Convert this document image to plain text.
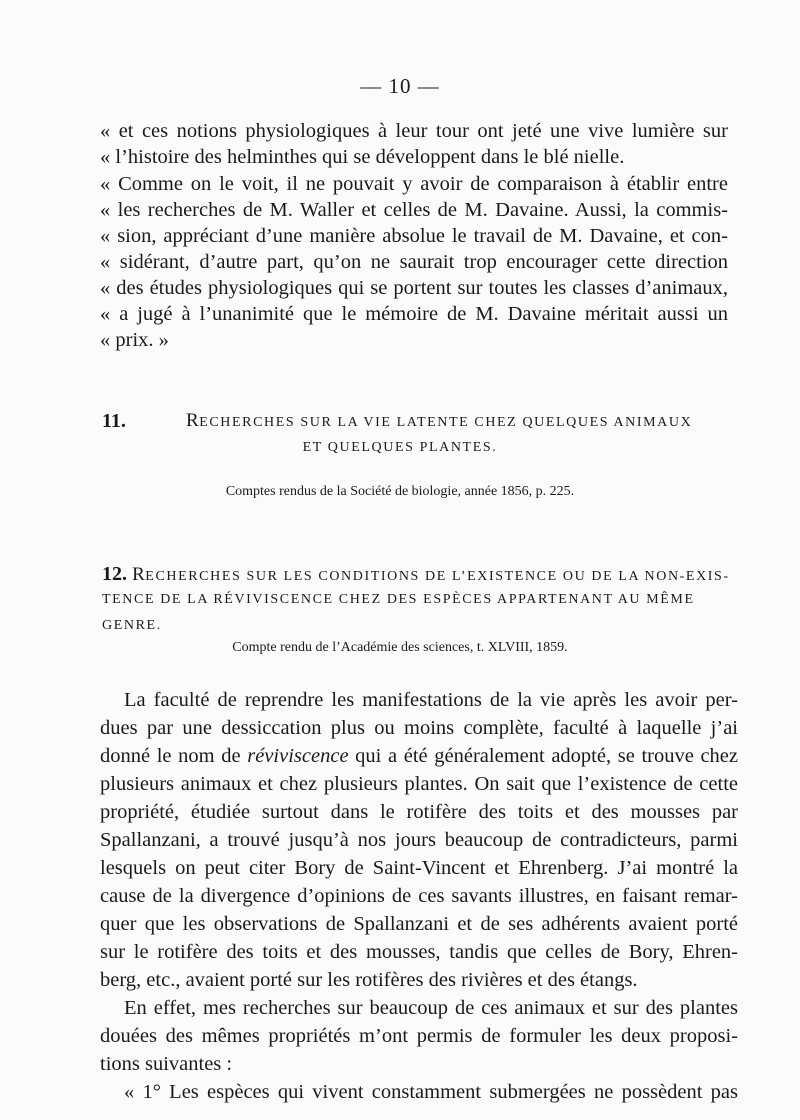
— 10 —
« et ces notions physiologiques à leur tour ont jeté une vive lumière sur
« l’histoire des helminthes qui se développent dans le blé nielle.
« Comme on le voit, il ne pouvait y avoir de comparaison à établir entre
« les recherches de M. Waller et celles de M. Davaine. Aussi, la commis-
« sion, appréciant d’une manière absolue le travail de M. Davaine, et con-
« sidérant, d’autre part, qu’on ne saurait trop encourager cette direction
« des études physiologiques qui se portent sur toutes les classes d’animaux,
« a jugé à l’unanimité que le mémoire de M. Davaine méritait aussi un
« prix. »
11.	RECHERCHES SUR LA VIE LATENTE CHEZ QUELQUES ANIMAUX
ET QUELQUES PLANTES.
Comptes rendus de la Société de biologie, année 1856, p. 225.
12. RECHERCHES SUR LES CONDITIONS DE L’EXISTENCE OU DE LA NON-EXIS-
TENCE DE LA RÉVIVISCENCE CHEZ DES ESPÈCES APPARTENANT AU MÊME
GENRE.
Compte rendu de l’Académie des sciences, t. XLVIII, 1859.
La faculté de reprendre les manifestations de la vie après les avoir per-
dues par une dessiccation plus ou moins complète, faculté à laquelle j’ai
donné le nom de réviviscence qui a été généralement adopté, se trouve chez
plusieurs animaux et chez plusieurs plantes. On sait que l’existence de cette
propriété, étudiée surtout dans le rotifère des toits et des mousses par
Spallanzani, a trouvé jusqu’à nos jours beaucoup de contradicteurs, parmi
lesquels on peut citer Bory de Saint-Vincent et Ehrenberg. J’ai montré la
cause de la divergence d’opinions de ces savants illustres, en faisant remar-
quer que les observations de Spallanzani et de ses adhérents avaient porté
sur le rotifère des toits et des mousses, tandis que celles de Bory, Ehren-
berg, etc., avaient porté sur les rotifères des rivières et des étangs.
En effet, mes recherches sur beaucoup de ces animaux et sur des plantes
douées des mêmes propriétés m’ont permis de formuler les deux proposi-
tions suivantes :
« 1° Les espèces qui vivent constamment submergées ne possèdent pas
